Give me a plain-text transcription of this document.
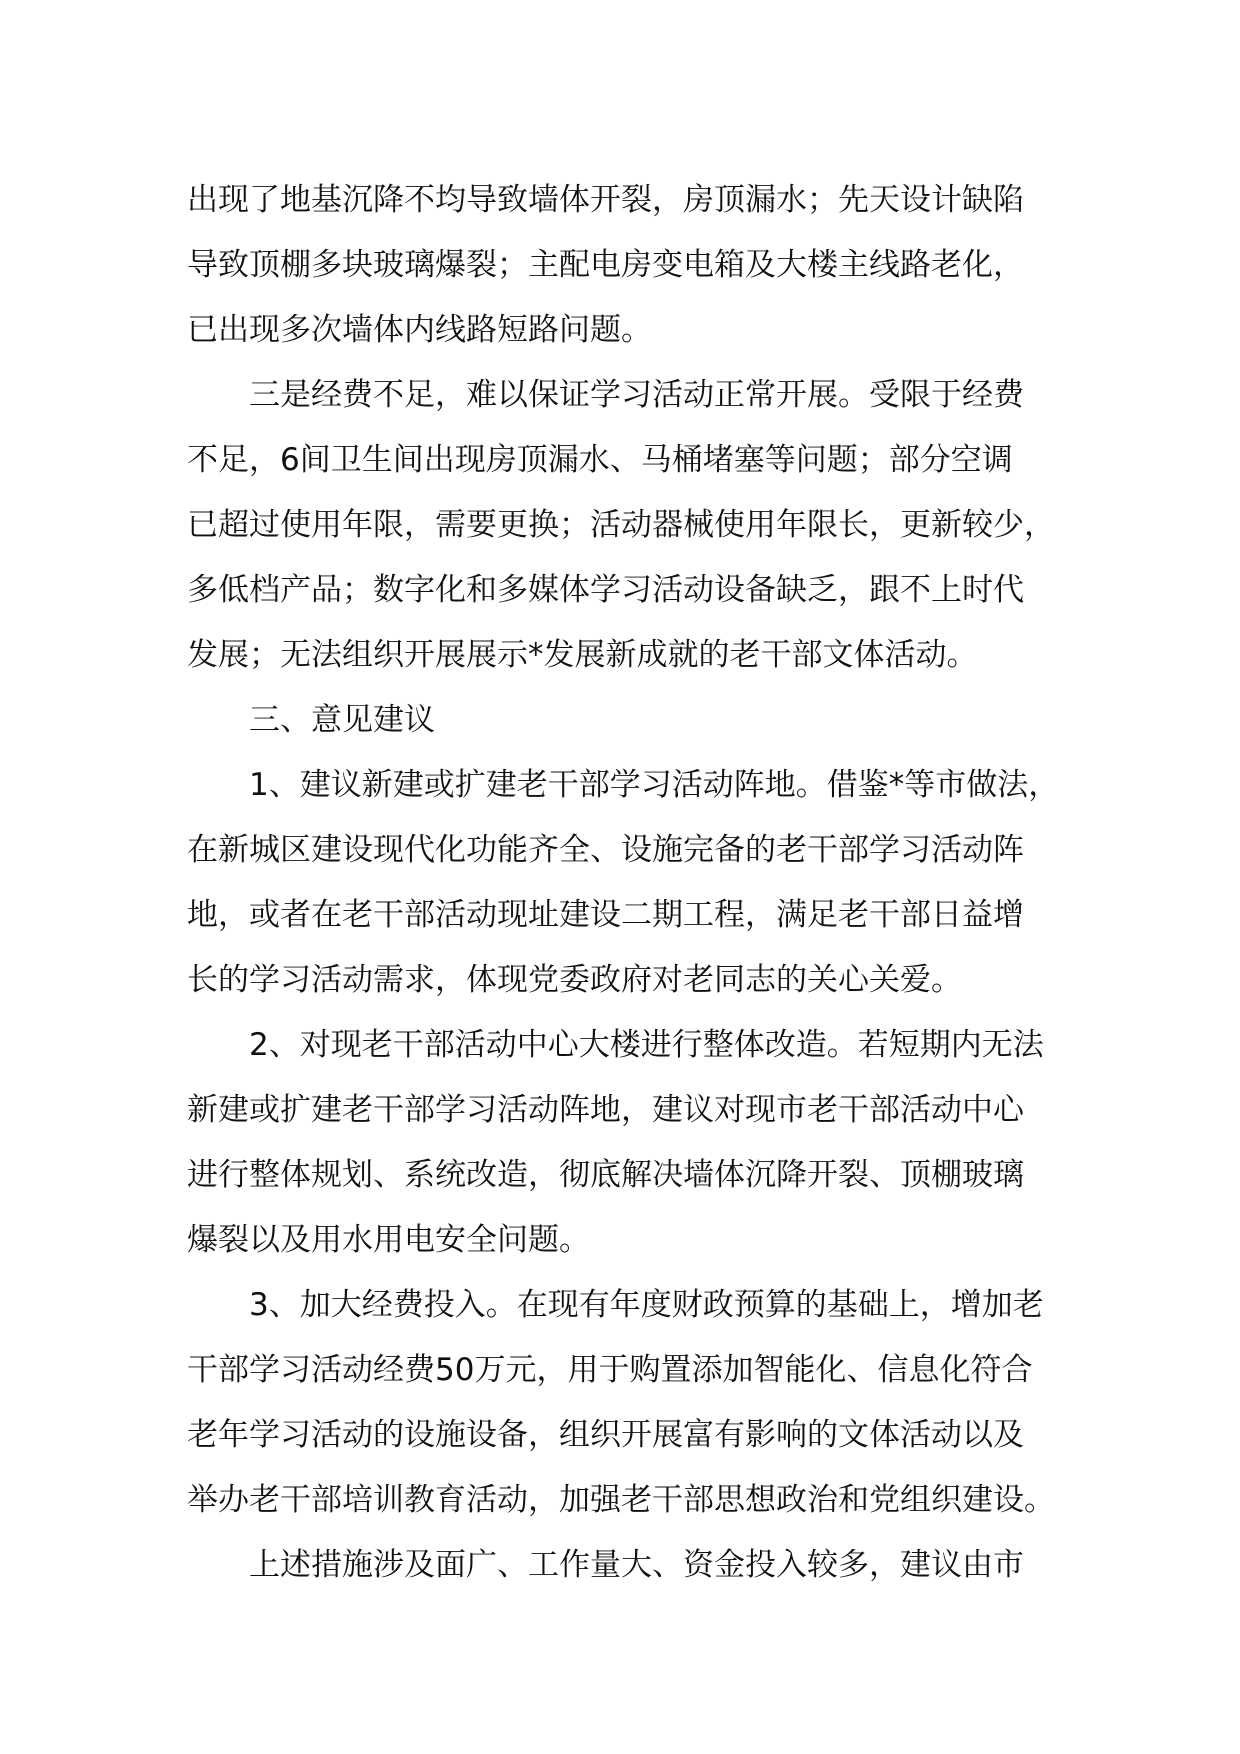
出现了地基沉降不均导致墙体开裂，房顶漏水；先天设计缺陷
导致顶棚多块玻璃爆裂；主配电房变电箱及大楼主线路老化，
已出现多次墙体内线路短路问题。
三是经费不足，难以保证学习活动正常开展。受限于经费
不足，6间卫生间出现房顶漏水、马桶堵塞等问题；部分空调
已超过使用年限，需要更换；活动器械使用年限长，更新较少，
多低档产品；数字化和多媒体学习活动设备缺乏，跟不上时代
发展；无法组织开展展示*发展新成就的老干部文体活动。
三、意见建议
1、建议新建或扩建老干部学习活动阵地。借鉴*等市做法，
在新城区建设现代化功能齐全、设施完备的老干部学习活动阵
地，或者在老干部活动现址建设二期工程，满足老干部日益增
长的学习活动需求，体现党委政府对老同志的关心关爱。
2、对现老干部活动中心大楼进行整体改造。若短期内无法
新建或扩建老干部学习活动阵地，建议对现市老干部活动中心
进行整体规划、系统改造，彻底解决墙体沉降开裂、顶棚玻璃
爆裂以及用水用电安全问题。
3、加大经费投入。在现有年度财政预算的基础上，增加老
干部学习活动经费50万元，用于购置添加智能化、信息化符合
老年学习活动的设施设备，组织开展富有影响的文体活动以及
举办老干部培训教育活动，加强老干部思想政治和党组织建设。
上述措施涉及面广、工作量大、资金投入较多，建议由市
